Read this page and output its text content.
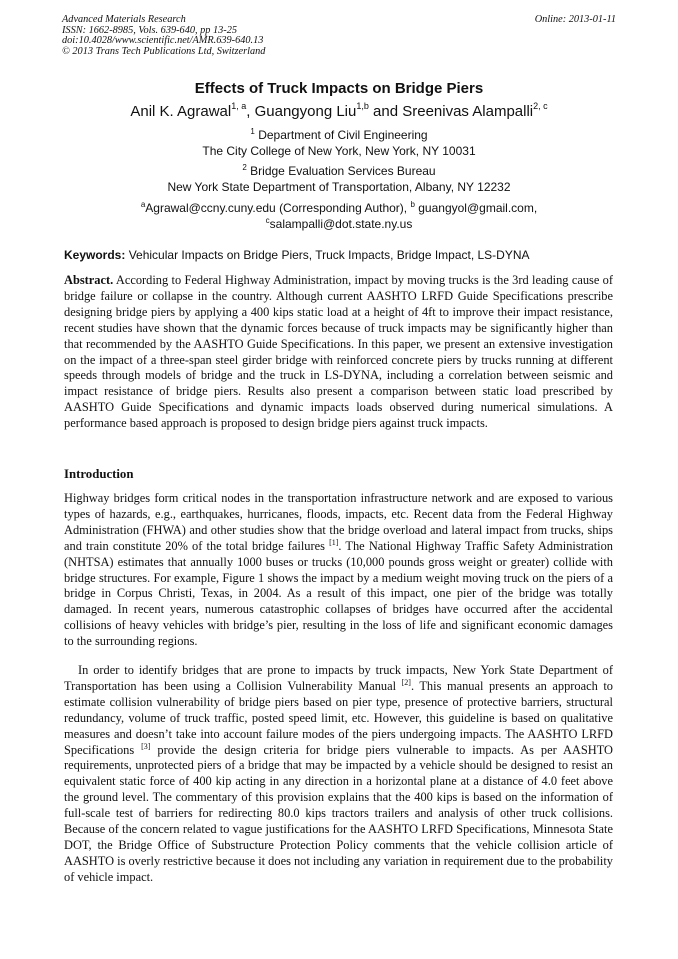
Advanced Materials Research
ISSN: 1662-8985, Vols. 639-640, pp 13-25
doi:10.4028/www.scientific.net/AMR.639-640.13
© 2013 Trans Tech Publications Ltd, Switzerland
Online: 2013-01-11
Effects of Truck Impacts on Bridge Piers
Anil K. Agrawal$^{1, a}$, Guangyong Liu$^{1,b}$ and Sreenivas Alampalli$^{2, c}$
$^1$ Department of Civil Engineering
The City College of New York, New York, NY 10031
$^2$ Bridge Evaluation Services Bureau
New York State Department of Transportation, Albany, NY 12232
$^a$Agrawal@ccny.cuny.edu (Corresponding Author), $^b$ guangyol@gmail.com,
$^c$salampalli@dot.state.ny.us
Keywords: Vehicular Impacts on Bridge Piers, Truck Impacts, Bridge Impact, LS-DYNA
Abstract. According to Federal Highway Administration, impact by moving trucks is the 3rd leading cause of bridge failure or collapse in the country. Although current AASHTO LRFD Guide Specifications prescribe designing bridge piers by applying a 400 kips static load at a height of 4ft to improve their impact resistance, recent studies have shown that the dynamic forces because of truck impacts may be significantly higher than that recommended by the AASHTO Guide Specifications. In this paper, we present an extensive investigation on the impact of a three-span steel girder bridge with reinforced concrete piers by trucks running at different speeds through models of bridge and the truck in LS-DYNA, including a correlation between seismic and impact resistance of bridge piers. Results also present a comparison between static load prescribed by AASHTO Guide Specifications and dynamic impacts loads observed during numerical simulations. A performance based approach is proposed to design bridge piers against truck impacts.
Introduction
Highway bridges form critical nodes in the transportation infrastructure network and are exposed to various types of hazards, e.g., earthquakes, hurricanes, floods, impacts, etc. Recent data from the Federal Highway Administration (FHWA) and other studies show that the bridge overload and lateral impact from trucks, ships and train constitute 20% of the total bridge failures [1]. The National Highway Traffic Safety Administration (NHTSA) estimates that annually 1000 buses or trucks (10,000 pounds gross weight or greater) collide with bridge structures. For example, Figure 1 shows the impact by a medium weight moving truck on the piers of a bridge in Corpus Christi, Texas, in 2004. As a result of this impact, one pier of the bridge was totally damaged. In recent years, numerous catastrophic collapses of bridges have occurred after the accidental collisions of heavy vehicles with bridge’s pier, resulting in the loss of life and significant economic damages to the surrounding regions.
In order to identify bridges that are prone to impacts by truck impacts, New York State Department of Transportation has been using a Collision Vulnerability Manual [2]. This manual presents an approach to estimate collision vulnerability of bridge piers based on pier type, presence of protective barriers, structural redundancy, volume of truck traffic, posted speed limit, etc. However, this guideline is based on qualitative measures and doesn’t take into account failure modes of the piers undergoing impacts. The AASHTO LRFD Specifications [3] provide the design criteria for bridge piers vulnerable to impacts. As per AASHTO requirements, unprotected piers of a bridge that may be impacted by a vehicle should be designed to resist an equivalent static force of 400 kip acting in any direction in a horizontal plane at a distance of 4.0 feet above the ground level. The commentary of this provision explains that the 400 kips is based on the information of full-scale test of barriers for redirecting 80.0 kips tractors trailers and analysis of other truck collisions. Because of the concern related to vague justifications for the AASHTO LRFD Specifications, Minnesota State DOT, the Bridge Office of Substructure Protection Policy comments that the vehicle collision article of AASHTO is overly restrictive because it does not including any variation in requirement due to the probability of vehicle impact.
